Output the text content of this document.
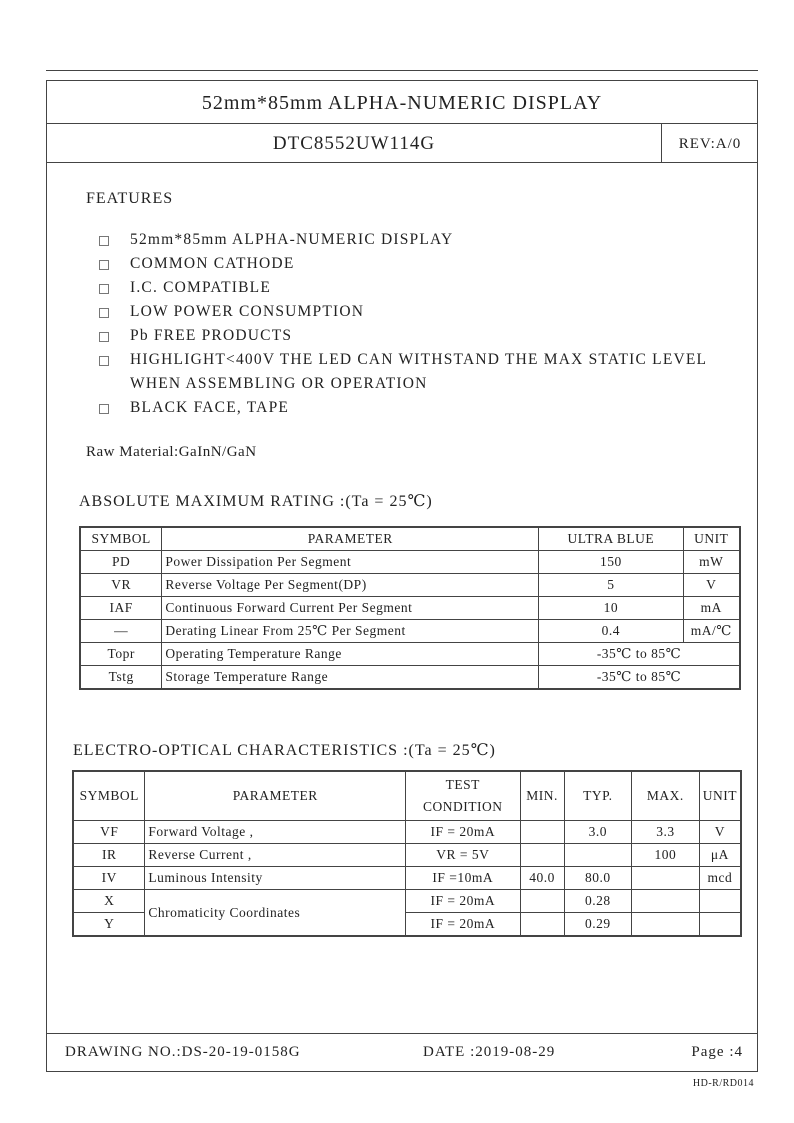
52mm*85mm ALPHA-NUMERIC DISPLAY
DTC8552UW114G	REV:A/0
DRAWING NO.:DS-20-19-0158G	DATE :2019-08-29	Page :4
FEATURES
52mm*85mm ALPHA-NUMERIC DISPLAY
COMMON CATHODE
I.C. COMPATIBLE
LOW POWER CONSUMPTION
Pb FREE PRODUCTS
HIGHLIGHT<400V THE LED CAN WITHSTAND THE MAX STATIC LEVEL WHEN ASSEMBLING OR OPERATION
BLACK FACE, TAPE
Raw Material:GaInN/GaN
ABSOLUTE MAXIMUM RATING :(Ta = 25℃)
SYMBOL	PARAMETER	ULTRA BLUE	UNIT
PD	Power Dissipation Per Segment	150	mW
VR	Reverse Voltage Per Segment(DP)	5	V
IAF	Continuous Forward Current Per Segment	10	mA
—	Derating Linear From 25℃ Per Segment	0.4	mA/℃
Topr	Operating Temperature Range	-35℃ to 85℃	
Tstg	Storage Temperature Range	-35℃ to 85℃	
ELECTRO-OPTICAL CHARACTERISTICS :(Ta = 25℃)
SYMBOL	PARAMETER	TEST CONDITION	MIN.	TYP.	MAX.	UNIT
VF	Forward Voltage ,	IF = 20mA		3.0	3.3	V
IR	Reverse Current ,	VR = 5V			100	μA
IV	Luminous Intensity	IF =10mA	40.0	80.0		mcd
X	Chromaticity Coordinates	IF = 20mA		0.28		
Y		IF = 20mA		0.29		
HD-R/RD014
